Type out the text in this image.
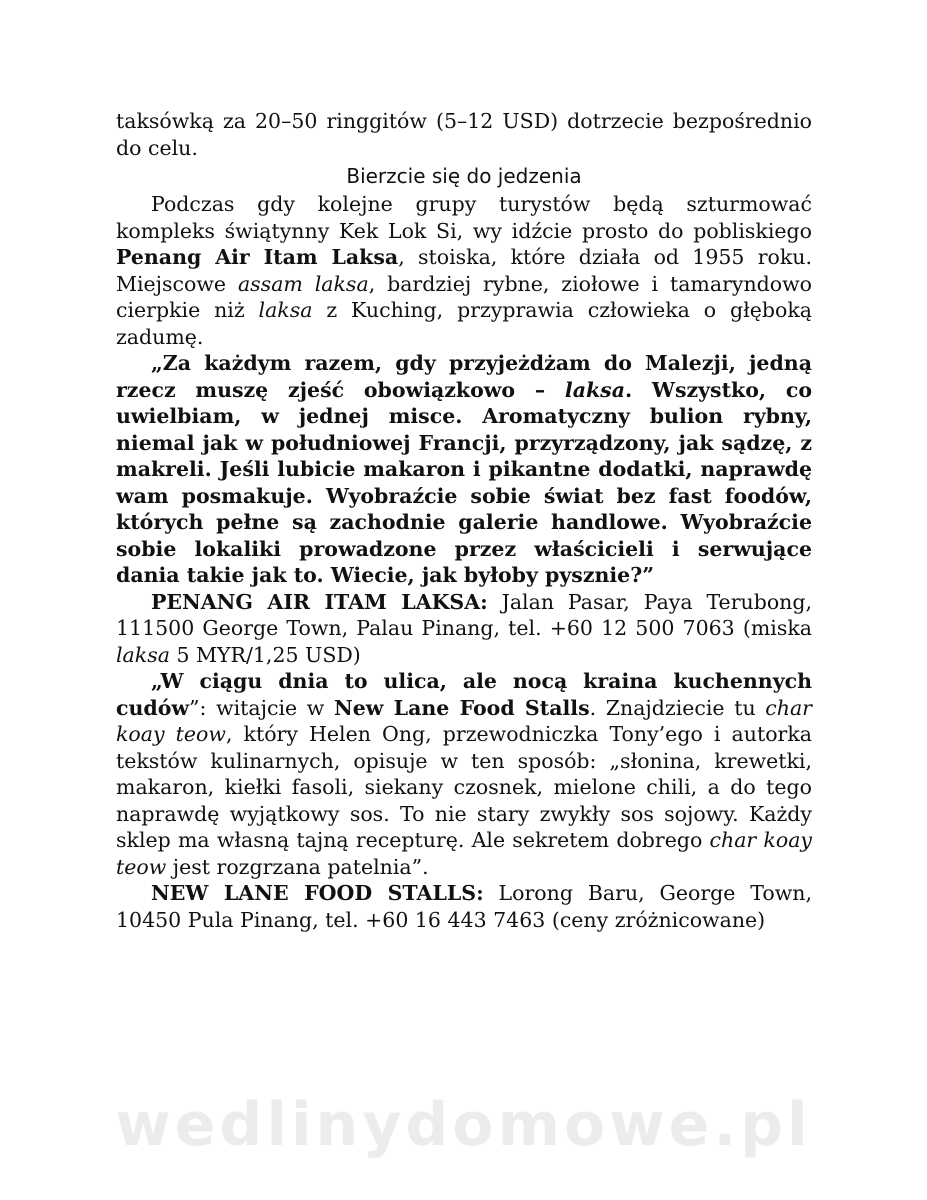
taksówką za 20–50 ringgitów (5–12 USD) dotrzecie bezpośrednio do celu.

Bierzcie się do jedzenia

Podczas gdy kolejne grupy turystów będą szturmować kompleks świątynny Kek Lok Si, wy idźcie prosto do pobliskiego Penang Air Itam Laksa, stoiska, które działa od 1955 roku. Miejscowe assam laksa, bardziej rybne, ziołowe i tamaryndowo cierpkie niż laksa z Kuching, przyprawia człowieka o głęboką zadumę.

„Za każdym razem, gdy przyjeżdżam do Malezji, jedną rzecz muszę zjeść obowiązkowo – laksa. Wszystko, co uwielbiam, w jednej misce. Aromatyczny bulion rybny, niemal jak w południowej Francji, przyrządzony, jak sądzę, z makreli. Jeśli lubicie makaron i pikantne dodatki, naprawdę wam posmakuje. Wyobraźcie sobie świat bez fast foodów, których pełne są zachodnie galerie handlowe. Wyobraźcie sobie lokaliki prowadzone przez właścicieli i serwujące dania takie jak to. Wiecie, jak byłoby pysznie?”

PENANG AIR ITAM LAKSA: Jalan Pasar, Paya Terubong, 111500 George Town, Palau Pinang, tel. +60 12 500 7063 (miska laksa 5 MYR/1,25 USD)

„W ciągu dnia to ulica, ale nocą kraina kuchennych cudów”: witajcie w New Lane Food Stalls. Znajdziecie tu char koay teow, który Helen Ong, przewodniczka Tony’ego i autorka tekstów kulinarnych, opisuje w ten sposób: „słonina, krewetki, makaron, kiełki fasoli, siekany czosnek, mielone chili, a do tego naprawdę wyjątkowy sos. To nie stary zwykły sos sojowy. Każdy sklep ma własną tajną recepturę. Ale sekretem dobrego char koay teow jest rozgrzana patelnia”.

NEW LANE FOOD STALLS: Lorong Baru, George Town, 10450 Pula Pinang, tel. +60 16 443 7463 (ceny zróżnicowane)

wedlinydomowe.pl
